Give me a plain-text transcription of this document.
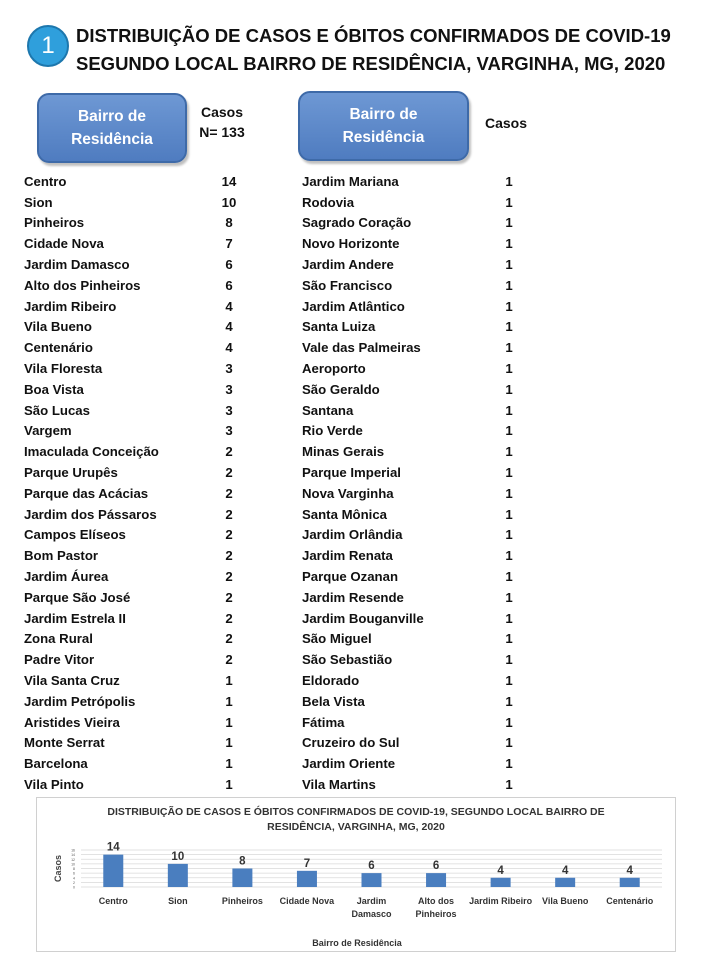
1	DISTRIBUIÇÃO DE CASOS E ÓBITOS CONFIRMADOS DE COVID-19
SEGUNDO LOCAL BAIRRO DE RESIDÊNCIA, VARGINHA, MG, 2020
Bairro de
Residência
Casos
N= 133
Bairro de
Residência
Casos
Centro	14
Sion	10
Pinheiros	8
Cidade Nova	7
Jardim Damasco	6
Alto dos Pinheiros	6
Jardim Ribeiro	4
Vila Bueno	4
Centenário	4
Vila Floresta	3
Boa Vista	3
São Lucas	3
Vargem	3
Imaculada Conceição	2
Parque Urupês	2
Parque das Acácias	2
Jardim dos Pássaros	2
Campos Elíseos	2
Bom Pastor	2
Jardim Áurea	2
Parque São José	2
Jardim Estrela II	2
Zona Rural	2
Padre Vitor	2
Vila Santa Cruz	1
Jardim Petrópolis	1
Aristides Vieira	1
Monte Serrat	1
Barcelona	1
Vila Pinto	1
Jardim Mariana	1
Rodovia	1
Sagrado Coração	1
Novo Horizonte	1
Jardim Andere	1
São Francisco	1
Jardim Atlântico	1
Santa Luiza	1
Vale das Palmeiras	1
Aeroporto	1
São Geraldo	1
Santana	1
Rio Verde	1
Minas Gerais	1
Parque Imperial	1
Nova Varginha	1
Santa Mônica	1
Jardim Orlândia	1
Jardim Renata	1
Parque Ozanan	1
Jardim Resende	1
Jardim Bouganville	1
São Miguel	1
São Sebastião	1
Eldorado	1
Bela Vista	1
Fátima	1
Cruzeiro do Sul	1
Jardim Oriente	1
Vila Martins	1
DISTRIBUIÇÃO DE CASOS E ÓBITOS CONFIRMADOS DE COVID-19, SEGUNDO LOCAL BAIRRO DE
RESIDÊNCIA, VARGINHA, MG, 2020
0
2
4
6
8
10
12
14
16
Casos
14
Centro
10
Sion
8
Pinheiros
7
Cidade Nova
6
Jardim
Damasco
6
Alto dos
Pinheiros
4
Jardim Ribeiro
4
Vila Bueno
4
Centenário
Bairro de Residência
